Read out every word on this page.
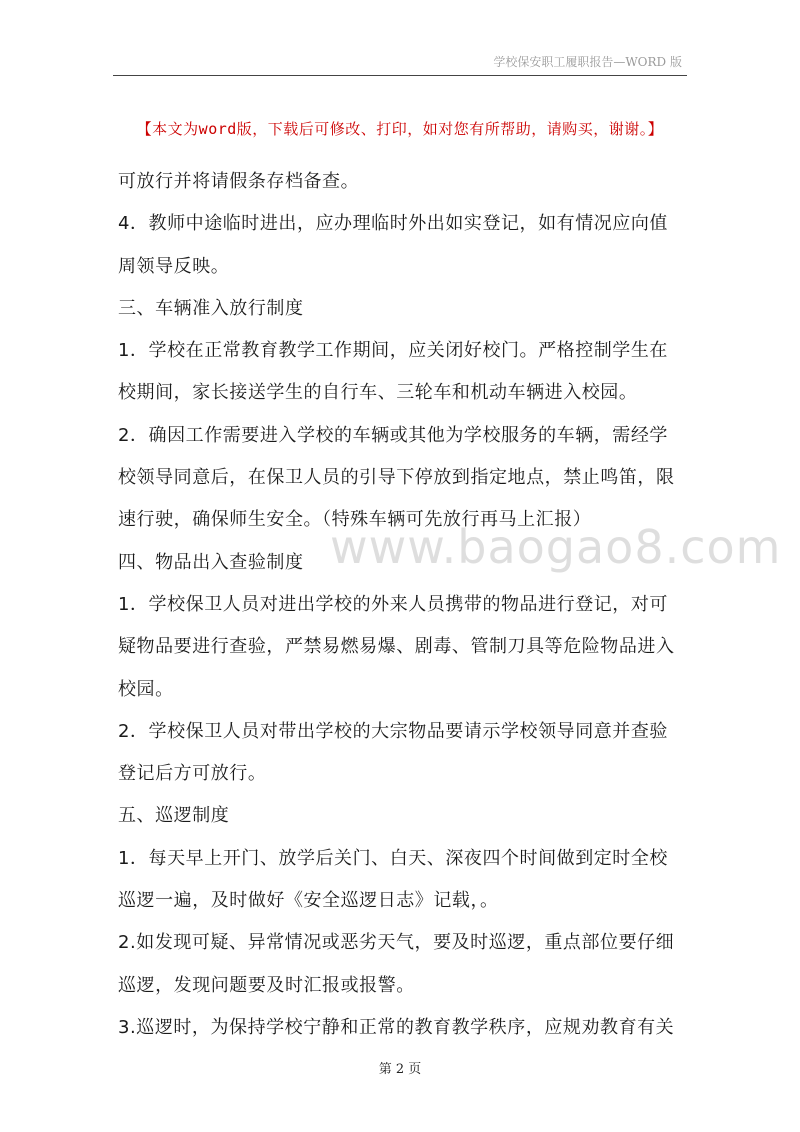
学校保安职工履职报告—WORD 版
【本文为word版，下载后可修改、打印，如对您有所帮助，请购买，谢谢。】
www.baogao8.com

可放行并将请假条存档备查。

4．教师中途临时进出，应办理临时外出如实登记，如有情况应向值

周领导反映。

三、车辆准入放行制度

1．学校在正常教育教学工作期间，应关闭好校门。严格控制学生在

校期间，家长接送学生的自行车、三轮车和机动车辆进入校园。

2．确因工作需要进入学校的车辆或其他为学校服务的车辆，需经学

校领导同意后，在保卫人员的引导下停放到指定地点，禁止鸣笛，限

速行驶，确保师生安全。（特殊车辆可先放行再马上汇报）

四、物品出入查验制度

1．学校保卫人员对进出学校的外来人员携带的物品进行登记，对可

疑物品要进行查验，严禁易燃易爆、剧毒、管制刀具等危险物品进入

校园。

2．学校保卫人员对带出学校的大宗物品要请示学校领导同意并查验

登记后方可放行。

五、巡逻制度

1．每天早上开门、放学后关门、白天、深夜四个时间做到定时全校

巡逻一遍，及时做好《安全巡逻日志》记载，。

2.如发现可疑、异常情况或恶劣天气，要及时巡逻，重点部位要仔细

巡逻，发现问题要及时汇报或报警。

3.巡逻时，为保持学校宁静和正常的教育教学秩序，应规劝教育有关

第 2 页
